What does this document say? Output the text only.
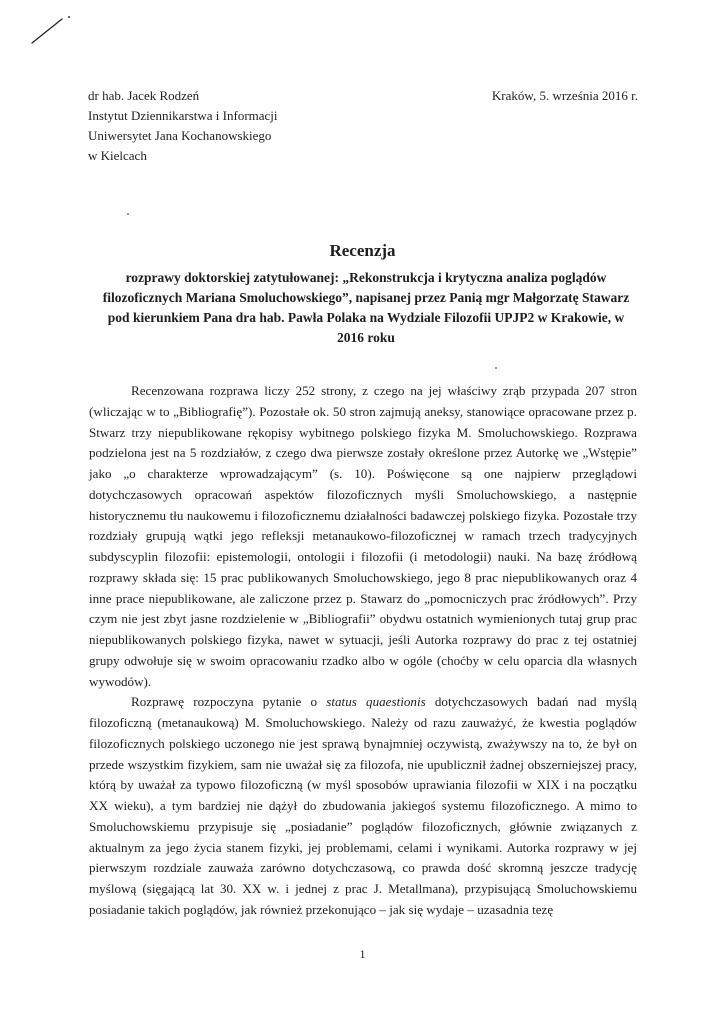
dr hab. Jacek Rodzeń
Instytut Dziennikarstwa i Informacji
Uniwersytet Jana Kochanowskiego
w Kielcach
Kraków, 5. września 2016 r.
Recenzja
rozprawy doktorskiej zatytułowanej: „Rekonstrukcja i krytyczna analiza poglądów filozoficznych Mariana Smoluchowskiego”, napisanej przez Panią mgr Małgorzatę Stawarz pod kierunkiem Pana dra hab. Pawła Polaka na Wydziale Filozofii UPJP2 w Krakowie, w 2016 roku

Recenzowana rozprawa liczy 252 strony, z czego na jej właściwy zrąb przypada 207 stron (wliczając w to „Bibliografię”). Pozostałe ok. 50 stron zajmują aneksy, stanowiące opracowane przez p. Stwarz trzy niepublikowane rękopisy wybitnego polskiego fizyka M. Smoluchowskiego. Rozprawa podzielona jest na 5 rozdziałów, z czego dwa pierwsze zostały określone przez Autorkę we „Wstępie” jako „o charakterze wprowadzającym” (s. 10). Poświęcone są one najpierw przeglądowi dotychczasowych opracowań aspektów filozoficznych myśli Smoluchowskiego, a następnie historycznemu tłu naukowemu i filozoficznemu działalności badawczej polskiego fizyka. Pozostałe trzy rozdziały grupują wątki jego refleksji metanaukowo-filozoficznej w ramach trzech tradycyjnych subdyscyplin filozofii: epistemologii, ontologii i filozofii (i metodologii) nauki. Na bazę źródłową rozprawy składa się: 15 prac publikowanych Smoluchowskiego, jego 8 prac niepublikowanych oraz 4 inne prace niepublikowane, ale zaliczone przez p. Stawarz do „pomocniczych prac źródłowych”. Przy czym nie jest zbyt jasne rozdzielenie w „Bibliografii” obydwu ostatnich wymienionych tutaj grup prac niepublikowanych polskiego fizyka, nawet w sytuacji, jeśli Autorka rozprawy do prac z tej ostatniej grupy odwołuje się w swoim opracowaniu rzadko albo w ogóle (choćby w celu oparcia dla własnych wywodów).

Rozprawę rozpoczyna pytanie o status quaestionis dotychczasowych badań nad myślą filozoficzną (metanaukową) M. Smoluchowskiego. Należy od razu zauważyć, że kwestia poglądów filozoficznych polskiego uczonego nie jest sprawą bynajmniej oczywistą, zważywszy na to, że był on przede wszystkim fizykiem, sam nie uważał się za filozofa, nie upublicznił żadnej obszerniejszej pracy, którą by uważał za typowo filozoficzną (w myśl sposobów uprawiania filozofii w XIX i na początku XX wieku), a tym bardziej nie dążył do zbudowania jakiegoś systemu filozoficznego. A mimo to Smoluchowskiemu przypisuje się „posiadanie” poglądów filozoficznych, głównie związanych z aktualnym za jego życia stanem fizyki, jej problemami, celami i wynikami. Autorka rozprawy w jej pierwszym rozdziale zauważa zarówno dotychczasową, co prawda dość skromną jeszcze tradycję myślową (sięgającą lat 30. XX w. i jednej z prac J. Metallmana), przypisującą Smoluchowskiemu posiadanie takich poglądów, jak również przekonująco – jak się wydaje – uzasadnia tezę

1
